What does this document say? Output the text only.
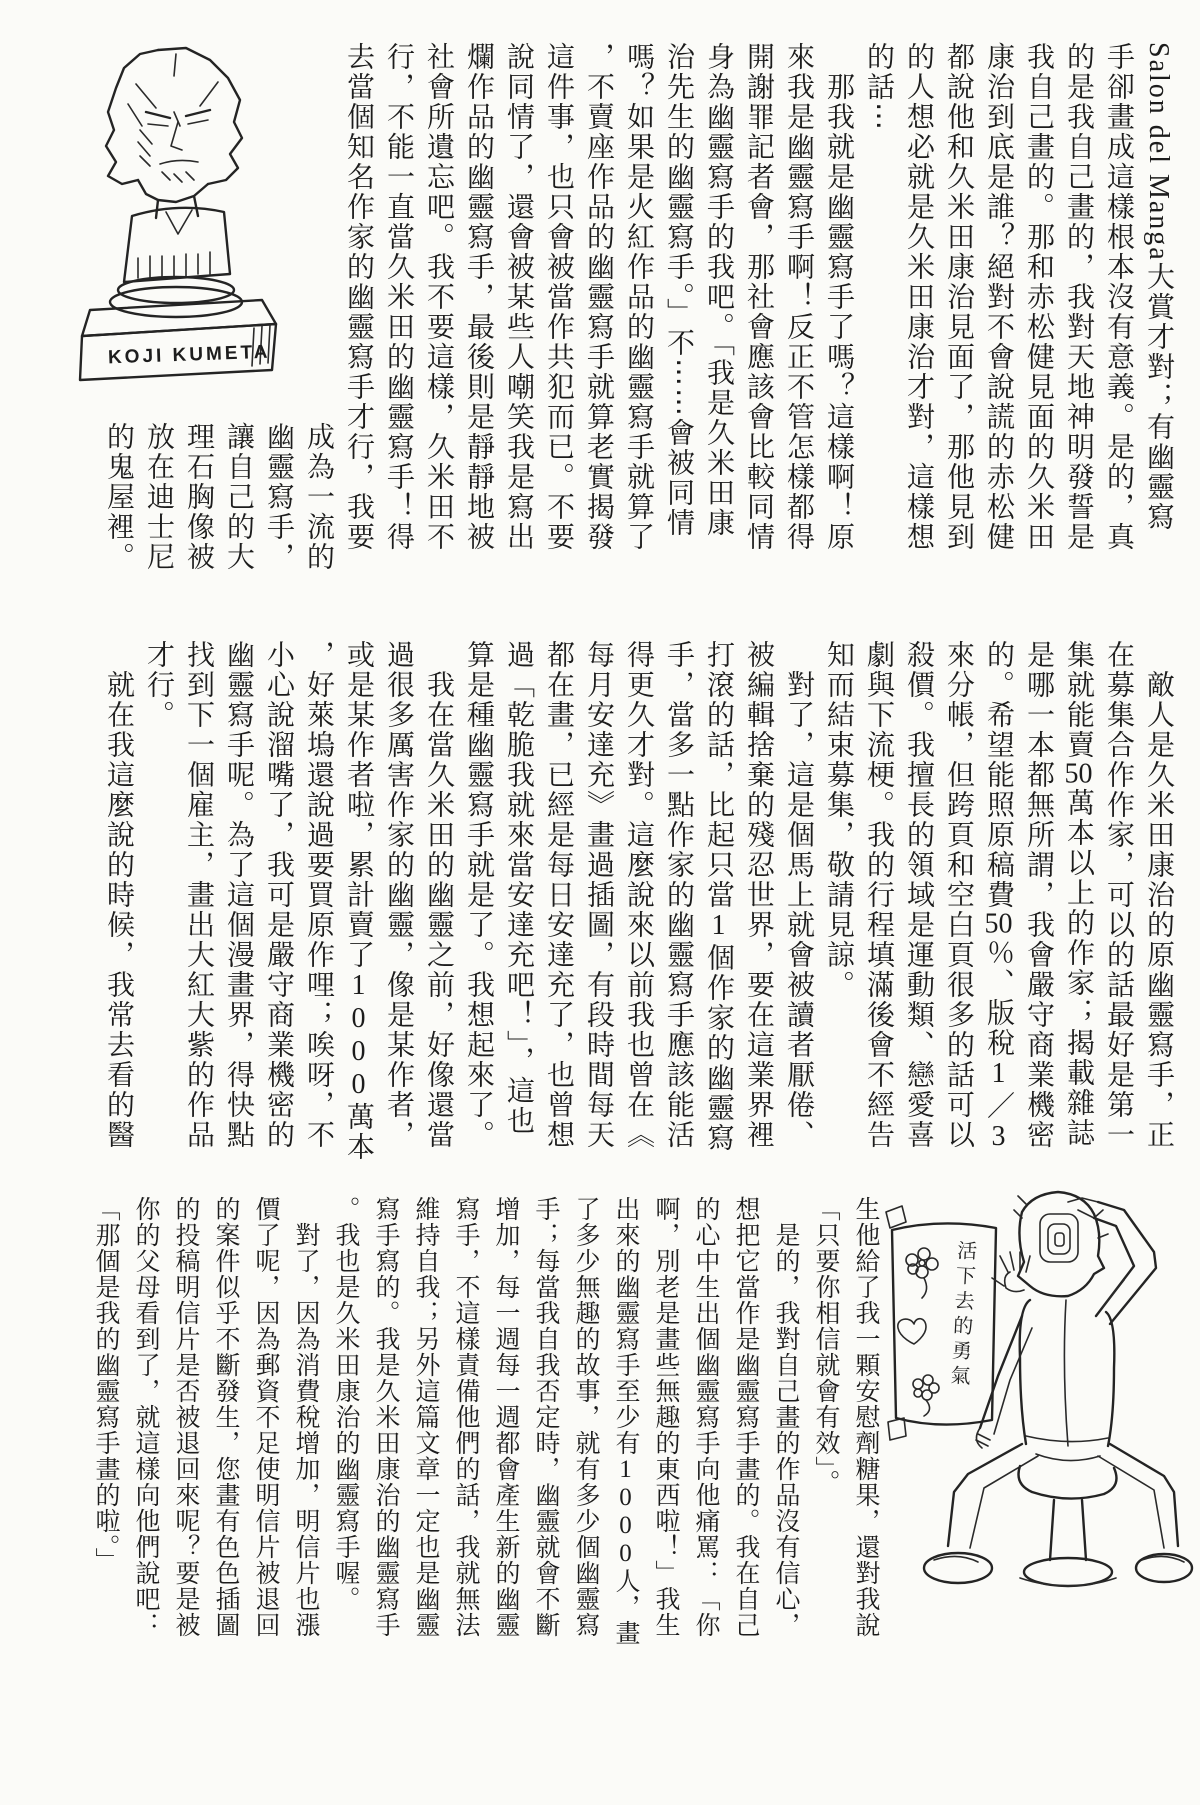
Salon del Manga大賞才對；有幽靈寫
手卻畫成這樣根本沒有意義。是的，真
的是我自己畫的，我對天地神明發誓是
我自己畫的。那和赤松健見面的久米田
康治到底是誰？絕對不會說謊的赤松健
都說他和久米田康治見面了，那他見到
的人想必就是久米田康治才對，這樣想
的話⋯
　那我就是幽靈寫手了嗎？這樣啊！原
來我是幽靈寫手啊！反正不管怎樣都得
開謝罪記者會，那社會應該會比較同情
身為幽靈寫手的我吧。「我是久米田康
治先生的幽靈寫手。」不⋯⋯會被同情
嗎？如果是火紅作品的幽靈寫手就算了
，不賣座作品的幽靈寫手就算老實揭發
這件事，也只會被當作共犯而已。不要
說同情了，還會被某些人嘲笑我是寫出
爛作品的幽靈寫手，最後則是靜靜地被
社會所遺忘吧。我不要這樣，久米田不
行，不能一直當久米田的幽靈寫手！得
去當個知名作家的幽靈寫手才行，我要
成為一流的
幽靈寫手，
讓自己的大
理石胸像被
放在迪士尼
的鬼屋裡。
　敵人是久米田康治的原幽靈寫手，正
在募集合作作家，可以的話最好是第一
集就能賣50萬本以上的作家；揭載雜誌
是哪一本都無所謂，我會嚴守商業機密
的。希望能照原稿費50％、版稅1／3
來分帳，但跨頁和空白頁很多的話可以
殺價。我擅長的領域是運動類、戀愛喜
劇與下流梗。我的行程填滿後會不經告
知而結束募集，敬請見諒。
　對了，這是個馬上就會被讀者厭倦、
被編輯捨棄的殘忍世界，要在這業界裡
打滾的話，比起只當1個作家的幽靈寫
手，當多一點作家的幽靈寫手應該能活
得更久才對。這麼說來以前我也曾在《
每月安達充》畫過插圖，有段時間每天
都在畫，已經是每日安達充了，也曾想
過「乾脆我就來當安達充吧！」，這也
算是種幽靈寫手就是了。我想起來了。
　我在當久米田的幽靈之前，好像還當
過很多厲害作家的幽靈，像是某作者，
或是某作者啦，累計賣了1000萬本
，好萊塢還說過要買原作哩；唉呀，不
小心說溜嘴了，我可是嚴守商業機密的
幽靈寫手呢。為了這個漫畫界，得快點
找到下一個雇主，畫出大紅大紫的作品
才行。
　就在我這麼說的時候，我常去看的醫
生他給了我一顆安慰劑糖果，還對我說
「只要你相信就會有效」。
　是的，我對自己畫的作品沒有信心，
想把它當作是幽靈寫手畫的。我在自己
的心中生出個幽靈寫手向他痛罵：「你
啊，別老是畫些無趣的東西啦！」我生
出來的幽靈寫手至少有1000人，畫
了多少無趣的故事，就有多少個幽靈寫
手；每當我自我否定時，幽靈就會不斷
增加，每一週每一週都會產生新的幽靈
寫手，不這樣責備他們的話，我就無法
維持自我；另外這篇文章一定也是幽靈
寫手寫的。我是久米田康治的幽靈寫手
。我也是久米田康治的幽靈寫手喔。
　對了，因為消費稅增加，明信片也漲
價了呢，因為郵資不足使明信片被退回
的案件似乎不斷發生，您畫有色色插圖
的投稿明信片是否被退回來呢？要是被
你的父母看到了，就這樣向他們說吧：
「那個是我的幽靈寫手畫的啦。」
KOJI KUMETA
活下去的勇氣
